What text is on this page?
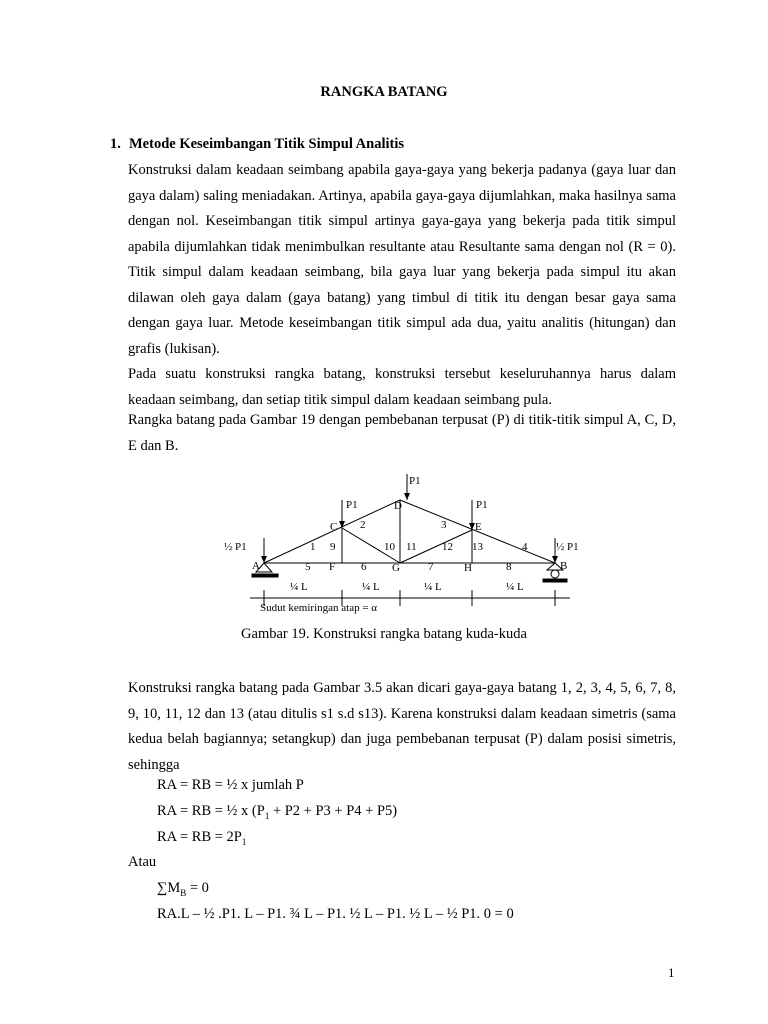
RANGKA BATANG
1. Metode Keseimbangan Titik Simpul Analitis

Konstruksi dalam keadaan seimbang apabila gaya-gaya yang bekerja padanya (gaya luar dan gaya dalam) saling meniadakan. Artinya, apabila gaya-gaya dijumlahkan, maka hasilnya sama dengan nol. Keseimbangan titik simpul artinya gaya-gaya yang bekerja pada titik simpul apabila dijumlahkan tidak menimbulkan resultante atau Resultante sama dengan nol (R = 0). Titik simpul dalam keadaan seimbang, bila gaya luar yang bekerja pada simpul itu akan dilawan oleh gaya dalam (gaya batang) yang timbul di titik itu dengan besar gaya sama dengan gaya luar. Metode keseimbangan titik simpul ada dua, yaitu analitis (hitungan) dan grafis (lukisan).

Pada suatu konstruksi rangka batang, konstruksi tersebut keseluruhannya harus dalam keadaan seimbang, dan setiap titik simpul dalam keadaan seimbang pula.

Rangka batang pada Gambar 19 dengan pembebanan terpusat (P) di titik-titik simpul A, C, D, E dan B.

P1
P1	P1
½ P1	½ P1
A	B
C
D
E
F	G	H
1
2	3
4
5	6	7	8
9	10 11 12 13
¼ L	¼ L	¼ L	¼ L
Sudut kemiringan atap = α
Gambar 19. Konstruksi rangka batang kuda-kuda

Konstruksi rangka batang pada Gambar 3.5 akan dicari gaya-gaya batang 1, 2, 3, 4, 5, 6, 7, 8, 9, 10, 11, 12 dan 13 (atau ditulis s1 s.d s13). Karena konstruksi dalam keadaan simetris (sama kedua belah bagiannya; setangkup) dan juga pembebanan terpusat (P) dalam posisi simetris, sehingga

RA = RB = ½ x jumlah P
RA = RB = ½ x $(P_1 + P2 + P3 + P4 + P5)$
RA = RB = $2P_1$
Atau
$\sum M_B = 0$
RA.L – ½ .P1. L – P1. ¾ L – P1. ½ L – P1. ½ L – ½ P1. 0 = 0
1
